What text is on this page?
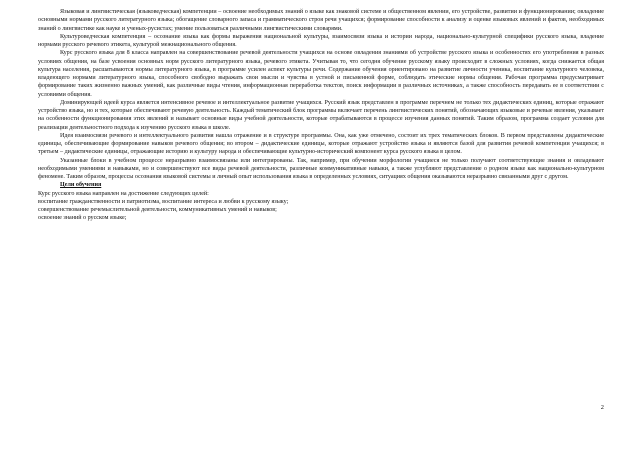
Языковая и лингвистическая (языковедческая) компетенции – освоение необходимых знаний о языке как знаковой системе и общественном явлении, его устройстве, развитии и функционировании; овладение основными нормами русского литературного языка; обогащение словарного запаса и грамматического строя речи учащихся; формирование способности к анализу и оценке языковых явлений и фактов, необходимых знаний о лингвистике как науке и ученых-русистах; умение пользоваться различными лингвистическими словарями.

Культуроведческая компетенция – осознание языка как формы выражения национальной культуры, взаимосвязи языка и истории народа, национально-культурной специфики русского языка, владение нормами русского речевого этикета, культурой межнационального общения.

Курс русского языка для 8 класса направлен на совершенствование речевой деятельности учащихся на основе овладения знаниями об устройстве русского языка и особенностях его употребления в разных условиях общения, на базе усвоения основных норм русского литературного языка, речевого этикета. Учитывая то, что сегодня обучение русскому языку происходит в сложных условиях, когда снижается общая культура населения, расшатываются нормы литературного языка, в программе усилен аспект культуры речи. Содержание обучения ориентировано на развитие личности ученика, воспитание культурного человека, владеющего нормами литературного языка, способного свободно выражать свои мысли и чувства в устной и письменной форме, соблюдать этические нормы общения. Рабочая программа предусматривает формирование таких жизненно важных умений, как различные виды чтения, информационная переработка текстов, поиск информации в различных источниках, а также способность передавать ее в соответствии с условиями общения.

Доминирующей идеей курса является интенсивное речевое и интеллектуальное развитие учащихся. Русский язык представлен в программе перечнем не только тех дидактических единиц, которые отражают устройство языка, но и тех, которые обеспечивают речевую деятельность. Каждый тематический блок программы включает перечень лингвистических понятий, обозначающих языковые и речевые явления, указывает на особенности функционирования этих явлений и называет основные виды учебной деятельности, которые отрабатываются в процессе изучения данных понятий. Таким образом, программа создает условия для реализации деятельностного подхода к изучению русского языка в школе.

Идея взаимосвязи речевого и интеллектуального развития нашла отражение и в структуре программы. Она, как уже отмечено, состоит их трех тематических блоков. В первом представлены дидактические единицы, обеспечивающие формирование навыков речевого общения; во втором – дидактические единицы, которые отражают устройство языка и являются базой для развития речевой компетенции учащихся; в третьем – дидактические единицы, отражающие историю и культуру народа и обеспечивающие культурно-исторический компонент курса русского языка в целом.

Указанные блоки в учебном процессе неразрывно взаимосвязаны или интегрированы. Так, например, при обучении морфологии учащиеся не только получают соответствующие знания и овладевают необходимыми умениями и навыками, но и совершенствуют все виды речевой деятельности, различные коммуникативные навыки, а также углубляют представление о родном языке как национально-культурном феномене. Таким образом, процессы осознания языковой системы и личный опыт использования языка в определенных условиях, ситуациях общения оказываются неразрывно связанными друг с другом.

Цели обучения

Курс русского языка направлен на достижение следующих целей:

воспитание гражданственности и патриотизма, воспитание интереса и любви к русскому языку;

совершенствование речемыслительной деятельности, коммуникативных умений и навыков;

освоение знаний о русском языке;

2
